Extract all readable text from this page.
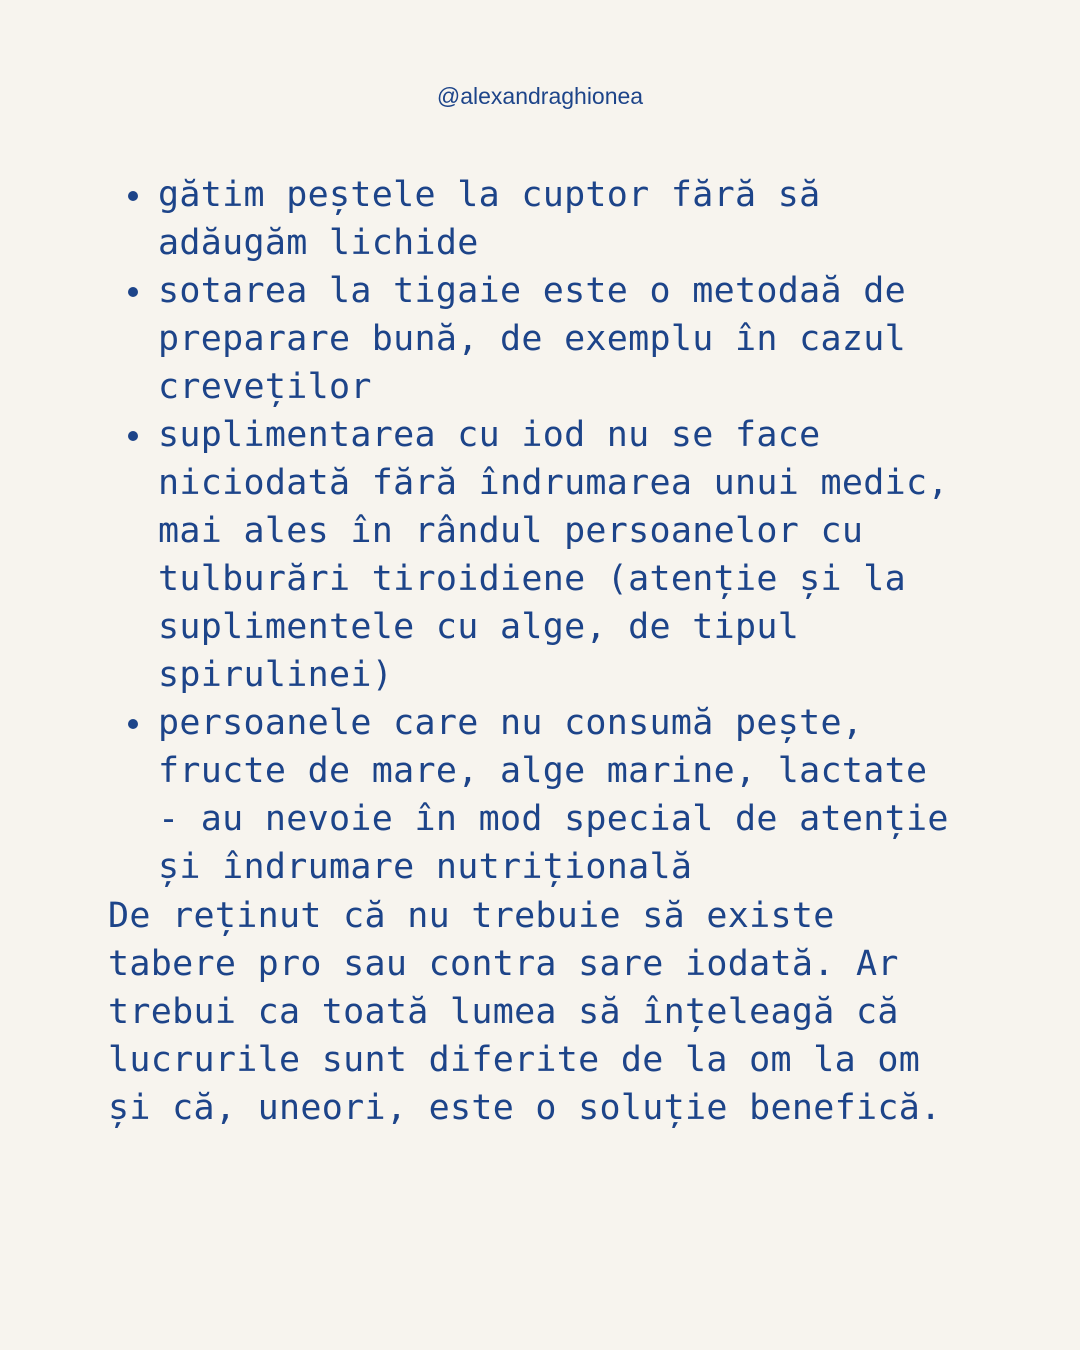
@alexandraghionea
gătim peștele la cuptor fără să adăugăm lichide
sotarea la tigaie este o metodaă de preparare bună, de exemplu în cazul creveților
suplimentarea cu iod nu se face niciodată fără îndrumarea unui medic, mai ales în rândul persoanelor cu tulburări tiroidiene (atenție și la suplimentele cu alge, de tipul spirulinei)
persoanele care nu consumă pește, fructe de mare, alge marine, lactate - au nevoie în mod special de atenție și îndrumare nutrițională

De reținut că nu trebuie să existe tabere pro sau contra sare iodată. Ar trebui ca toată lumea să înțeleagă că lucrurile sunt diferite de la om la om și că, uneori, este o soluție benefică.
